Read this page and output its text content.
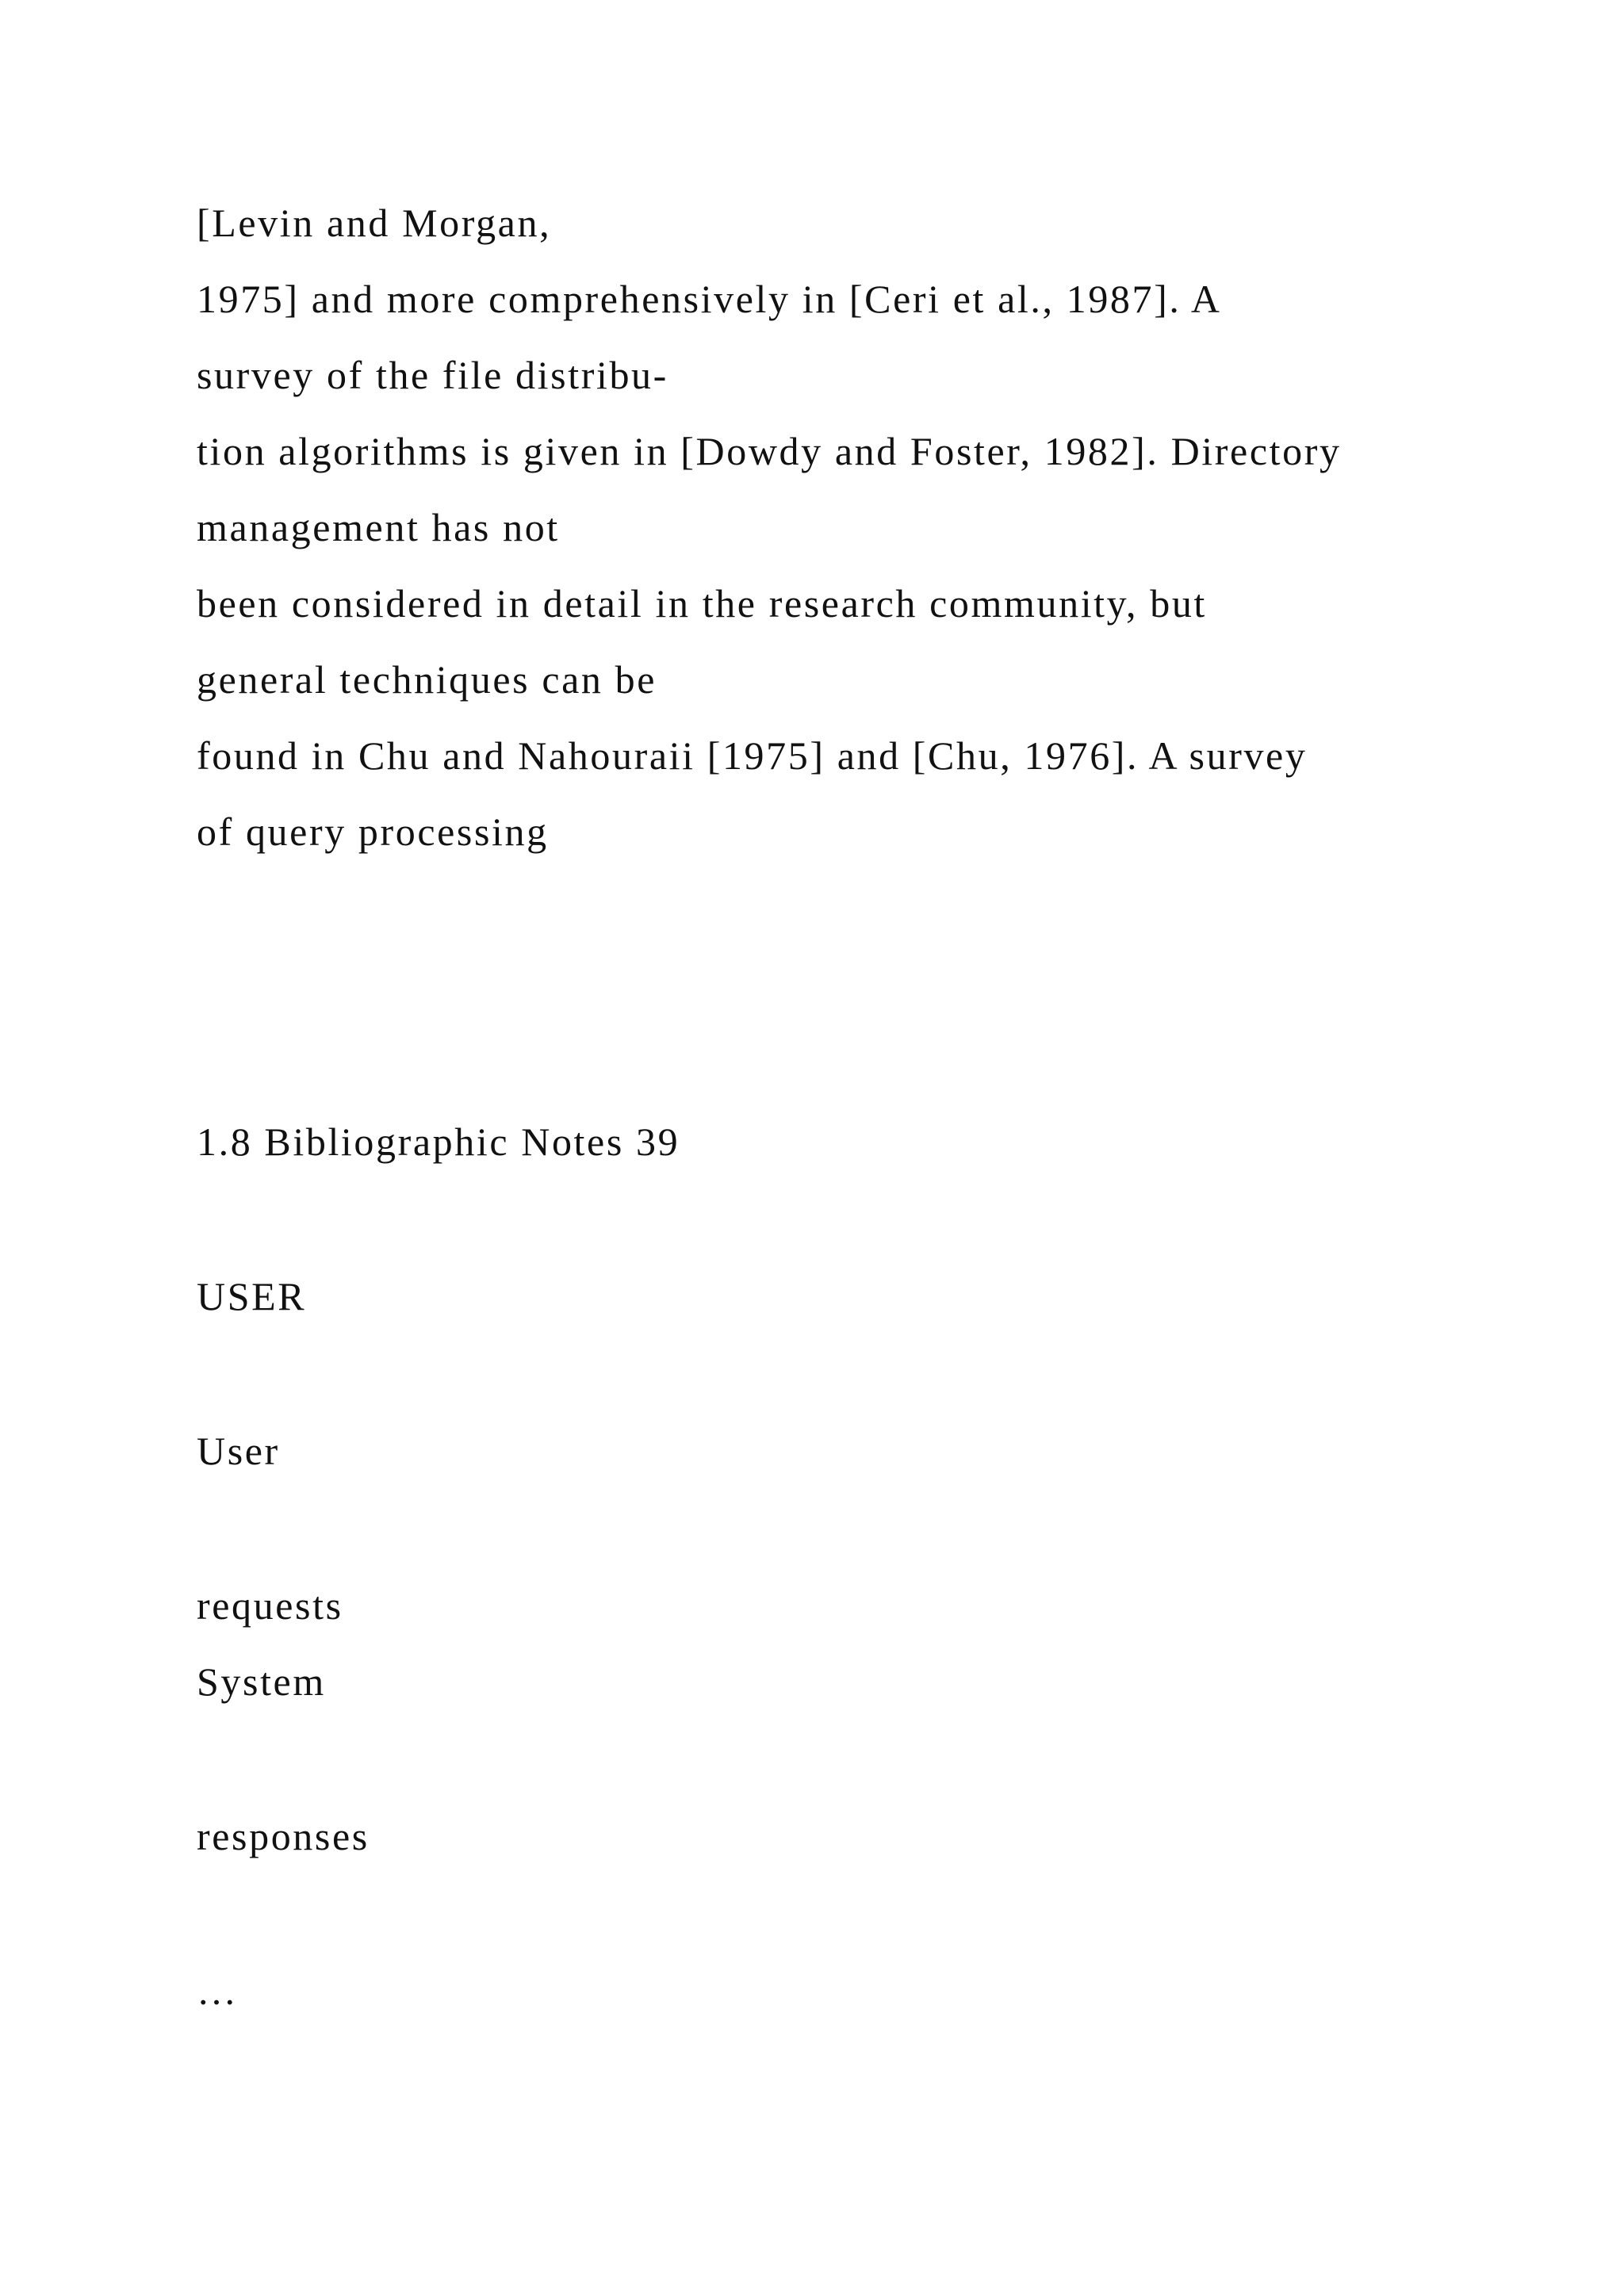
[Levin and Morgan,

1975] and more comprehensively in [Ceri et al., 1987]. A

survey of the file distribu-

tion algorithms is given in [Dowdy and Foster, 1982]. Directory

management has not

been considered in detail in the research community, but

general techniques can be

found in Chu and Nahouraii [1975] and [Chu, 1976]. A survey

of query processing

1.8 Bibliographic Notes 39

USER

User

requests

System

responses

…
